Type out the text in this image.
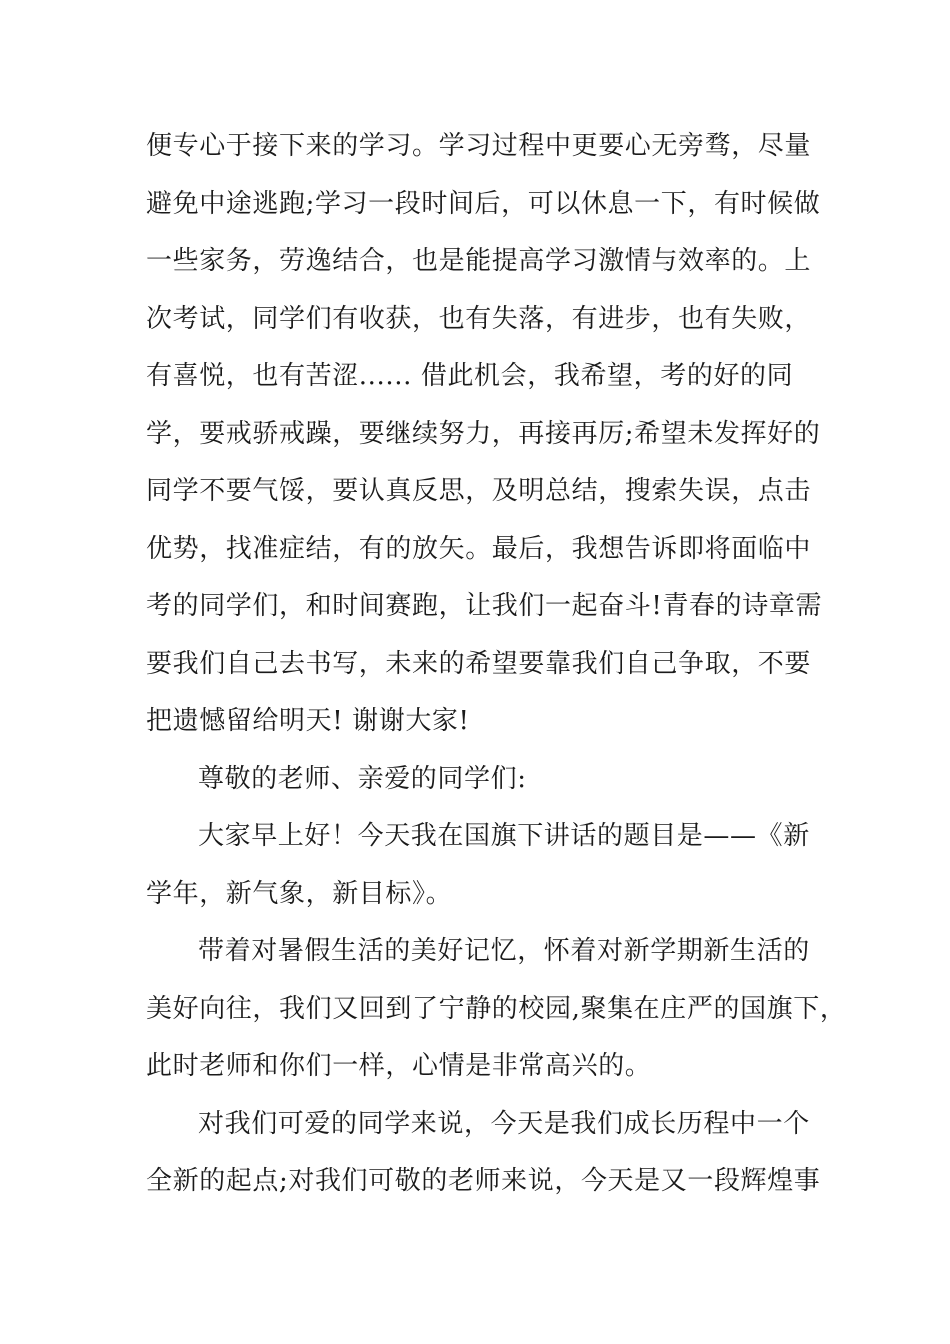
便专心于接下来的学习。学习过程中更要心无旁骛，尽量
避免中途逃跑;学习一段时间后，可以休息一下，有时候做
一些家务，劳逸结合，也是能提高学习激情与效率的。上
次考试，同学们有收获，也有失落，有进步，也有失败，
有喜悦，也有苦涩...... 借此机会，我希望，考的好的同
学，要戒骄戒躁，要继续努力，再接再厉;希望未发挥好的
同学不要气馁，要认真反思，及明总结，搜索失误，点击
优势，找准症结，有的放矢。最后，我想告诉即将面临中
考的同学们，和时间赛跑，让我们一起奋斗!青春的诗章需
要我们自己去书写，未来的希望要靠我们自己争取，不要
把遗憾留给明天! 谢谢大家!
尊敬的老师、亲爱的同学们:
大家早上好！今天我在国旗下讲话的题目是——《新
学年，新气象，新目标》。
带着对暑假生活的美好记忆，怀着对新学期新生活的
美好向往，我们又回到了宁静的校园,聚集在庄严的国旗下，
此时老师和你们一样，心情是非常高兴的。
对我们可爱的同学来说，今天是我们成长历程中一个
全新的起点;对我们可敬的老师来说，今天是又一段辉煌事
